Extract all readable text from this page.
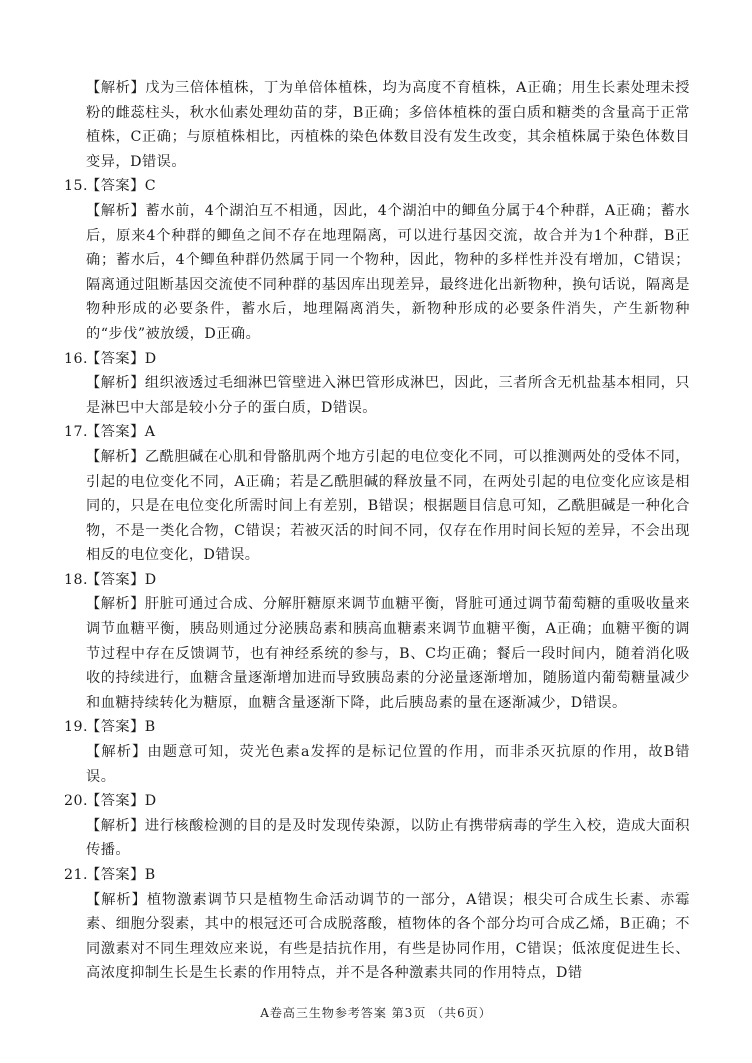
【解析】戊为三倍体植株，丁为单倍体植株，均为高度不育植株，A正确；用生长素处理未授粉的雌蕊柱头，秋水仙素处理幼苗的芽，B正确；多倍体植株的蛋白质和糖类的含量高于正常植株，C正确；与原植株相比，丙植株的染色体数目没有发生改变，其余植株属于染色体数目变异，D错误。

15.【答案】C

【解析】蓄水前，4个湖泊互不相通，因此，4个湖泊中的鲫鱼分属于4个种群，A正确；蓄水后，原来4个种群的鲫鱼之间不存在地理隔离，可以进行基因交流，故合并为1个种群，B正确；蓄水后，4个鲫鱼种群仍然属于同一个物种，因此，物种的多样性并没有增加，C错误；隔离通过阻断基因交流使不同种群的基因库出现差异，最终进化出新物种，换句话说，隔离是物种形成的必要条件，蓄水后，地理隔离消失，新物种形成的必要条件消失，产生新物种的“步伐”被放缓，D正确。

16.【答案】D

【解析】组织液透过毛细淋巴管壁进入淋巴管形成淋巴，因此，三者所含无机盐基本相同，只是淋巴中大部是较小分子的蛋白质，D错误。

17.【答案】A

【解析】乙酰胆碱在心肌和骨骼肌两个地方引起的电位变化不同，可以推测两处的受体不同，引起的电位变化不同，A正确；若是乙酰胆碱的释放量不同，在两处引起的电位变化应该是相同的，只是在电位变化所需时间上有差别，B错误；根据题目信息可知，乙酰胆碱是一种化合物，不是一类化合物，C错误；若被灭活的时间不同，仅存在作用时间长短的差异，不会出现相反的电位变化，D错误。

18.【答案】D

【解析】肝脏可通过合成、分解肝糖原来调节血糖平衡，肾脏可通过调节葡萄糖的重吸收量来调节血糖平衡，胰岛则通过分泌胰岛素和胰高血糖素来调节血糖平衡，A正确；血糖平衡的调节过程中存在反馈调节，也有神经系统的参与，B、C均正确；餐后一段时间内，随着消化吸收的持续进行，血糖含量逐渐增加进而导致胰岛素的分泌量逐渐增加，随肠道内葡萄糖量减少和血糖持续转化为糖原，血糖含量逐渐下降，此后胰岛素的量在逐渐减少，D错误。

19.【答案】B

【解析】由题意可知，荧光色素a发挥的是标记位置的作用，而非杀灭抗原的作用，故B错误。

20.【答案】D

【解析】进行核酸检测的目的是及时发现传染源，以防止有携带病毒的学生入校，造成大面积传播。

21.【答案】B

【解析】植物激素调节只是植物生命活动调节的一部分，A错误；根尖可合成生长素、赤霉素、细胞分裂素，其中的根冠还可合成脱落酸，植物体的各个部分均可合成乙烯，B正确；不同激素对不同生理效应来说，有些是拮抗作用，有些是协同作用，C错误；低浓度促进生长、高浓度抑制生长是生长素的作用特点，并不是各种激素共同的作用特点，D错

A卷高三生物参考答案 第3页 （共6页）
